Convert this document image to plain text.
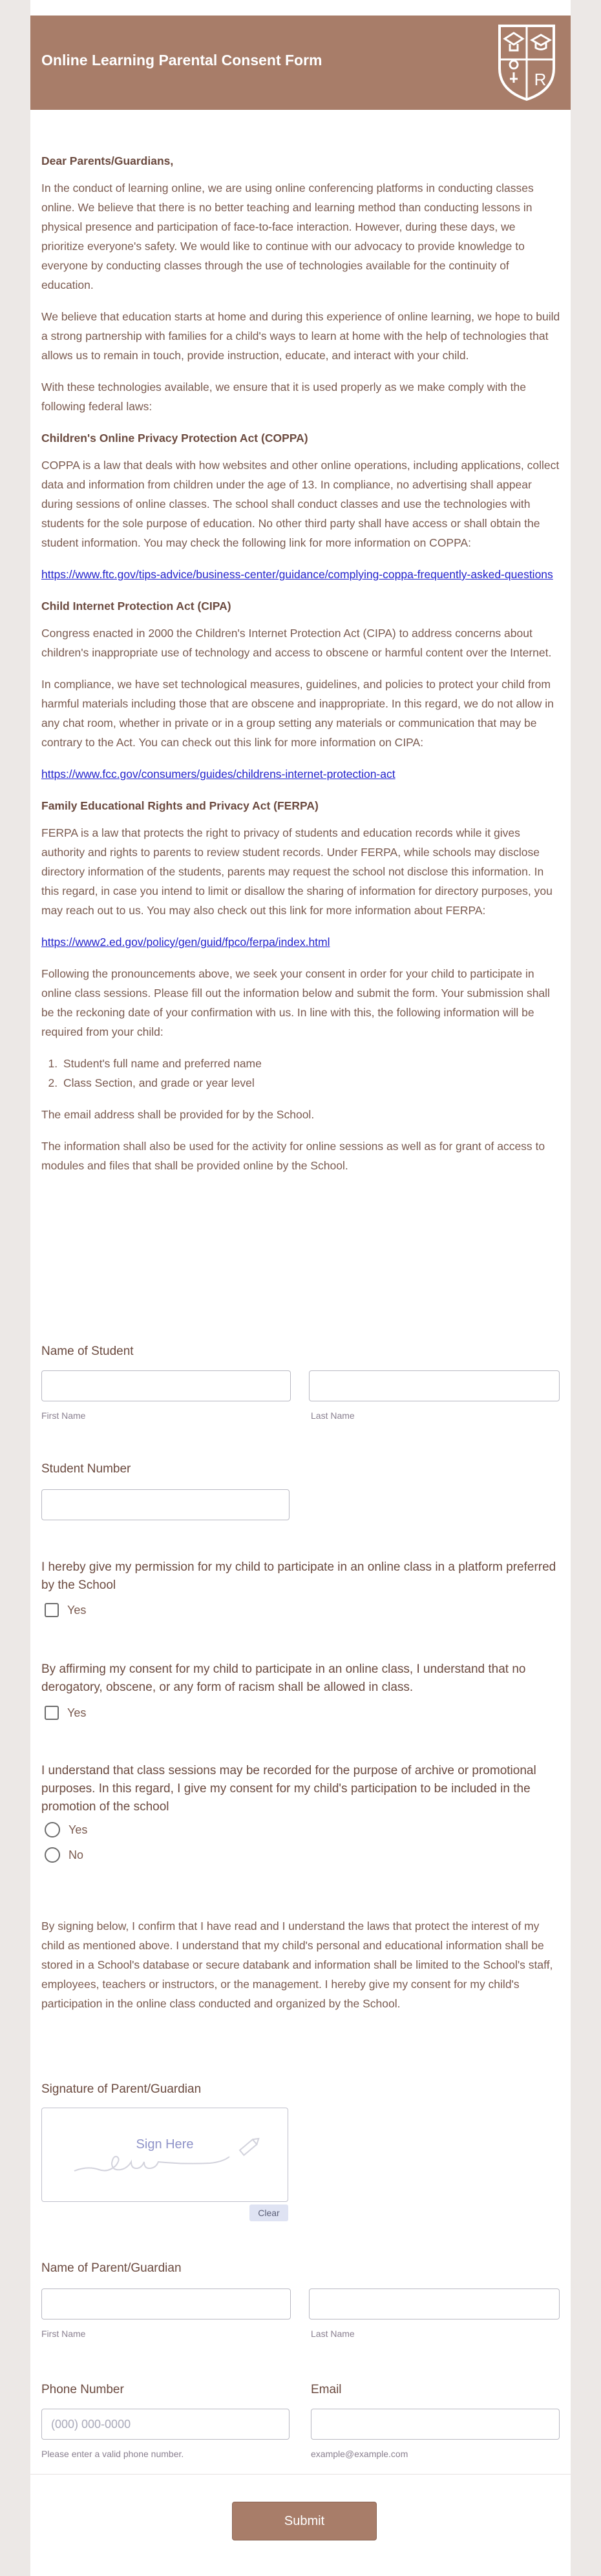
Online Learning Parental Consent Form
R

Dear Parents/Guardians,

In the conduct of learning online, we are using online conferencing platforms in conducting classes online. We believe that there is no better teaching and learning method than conducting lessons in physical presence and participation of face-to-face interaction. However, during these days, we prioritize everyone's safety. We would like to continue with our advocacy to provide knowledge to everyone by conducting classes through the use of technologies available for the continuity of education.

We believe that education starts at home and during this experience of online learning, we hope to build a strong partnership with families for a child's ways to learn at home with the help of technologies that allows us to remain in touch, provide instruction, educate, and interact with your child.

With these technologies available, we ensure that it is used properly as we make comply with the following federal laws:

Children's Online Privacy Protection Act (COPPA)

COPPA is a law that deals with how websites and other online operations, including applications, collect data and information from children under the age of 13. In compliance, no advertising shall appear during sessions of online classes. The school shall conduct classes and use the technologies with students for the sole purpose of education. No other third party shall have access or shall obtain the student information. You may check the following link for more information on COPPA:

https://www.ftc.gov/tips-advice/business-center/guidance/complying-coppa-frequently-asked-questions

Child Internet Protection Act (CIPA)

Congress enacted in 2000 the Children's Internet Protection Act (CIPA) to address concerns about children's inappropriate use of technology and access to obscene or harmful content over the Internet.

In compliance, we have set technological measures, guidelines, and policies to protect your child from harmful materials including those that are obscene and inappropriate. In this regard, we do not allow in any chat room, whether in private or in a group setting any materials or communication that may be contrary to the Act. You can check out this link for more information on CIPA:

https://www.fcc.gov/consumers/guides/childrens-internet-protection-act

Family Educational Rights and Privacy Act (FERPA)

FERPA is a law that protects the right to privacy of students and education records while it gives authority and rights to parents to review student records. Under FERPA, while schools may disclose directory information of the students, parents may request the school not disclose this information. In this regard, in case you intend to limit or disallow the sharing of information for directory purposes, you may reach out to us. You may also check out this link for more information about FERPA:

https://www2.ed.gov/policy/gen/guid/fpco/ferpa/index.html

Following the pronouncements above, we seek your consent in order for your child to participate in online class sessions. Please fill out the information below and submit the form. Your submission shall be the reckoning date of your confirmation with us. In line with this, the following information will be required from your child:

1. Student's full name and preferred name
2. Class Section, and grade or year level

The email address shall be provided for by the School.

The information shall also be used for the activity for online sessions as well as for grant of access to modules and files that shall be provided online by the School.

Name of Student
First Name	Last Name
Student Number
I hereby give my permission for my child to participate in an online class in a platform preferred by the School
Yes
By affirming my consent for my child to participate in an online class, I understand that no derogatory, obscene, or any form of racism shall be allowed in class.
Yes
I understand that class sessions may be recorded for the purpose of archive or promotional purposes. In this regard, I give my consent for my child's participation to be included in the promotion of the school
Yes
No

By signing below, I confirm that I have read and I understand the laws that protect the interest of my child as mentioned above. I understand that my child's personal and educational information shall be stored in a School's database or secure databank and information shall be limited to the School's staff, employees, teachers or instructors, or the management. I hereby give my consent for my child's participation in the online class conducted and organized by the School.

Signature of Parent/Guardian
Sign Here
Clear
Name of Parent/Guardian
First Name	Last Name
Phone Number
(000) 000-0000
Please enter a valid phone number.
Email
example@example.com
Submit
